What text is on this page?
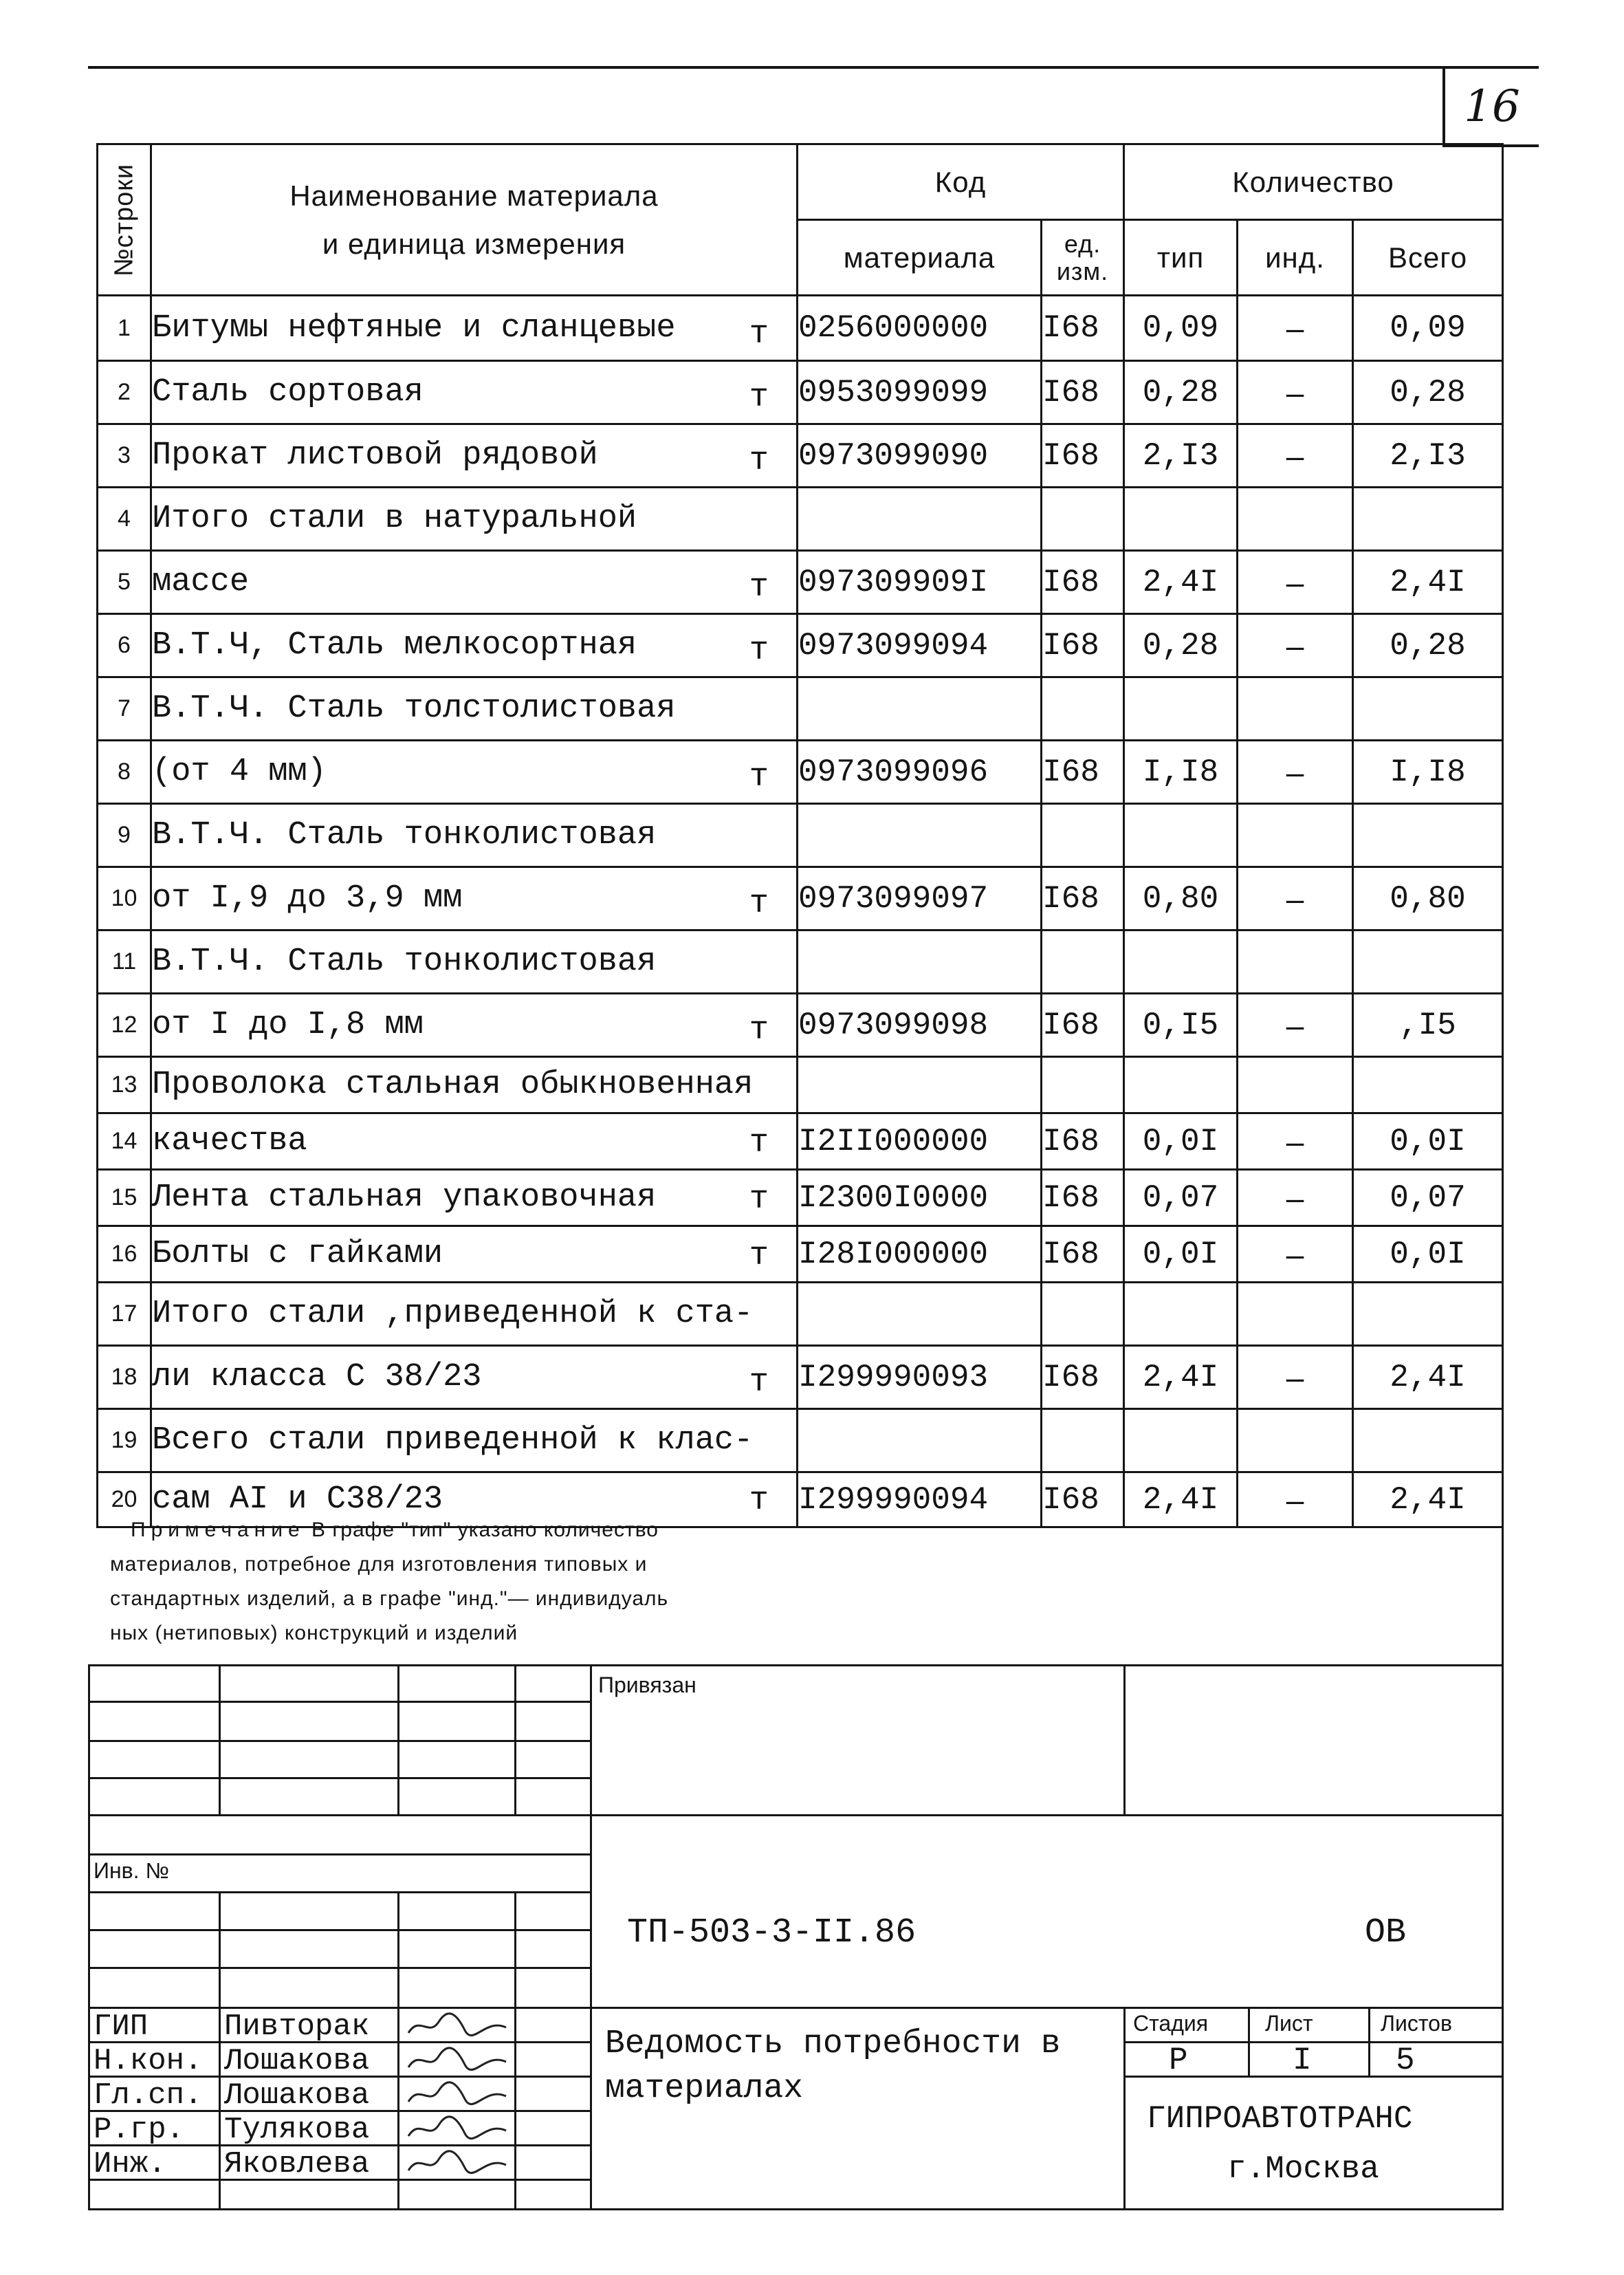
16
№строки	Наименование материала
и единица измерения	Код		Количество		
		материала	ед. изм.	тип	инд.	Всего
1	Битумы нефтяные и сланцевые т	0256000000	I68	0,09	–	0,09
2	Сталь сортовая т	0953099099	I68	0,28	–	0,28
3	Прокат листовой рядовой т	0973099090	I68	2,I3	–	2,I3
4	Итого стали в натуральной

5	массе т	097309909I	I68	2,4I	–	2,4I
6	В.Т.Ч, Сталь мелкосортная т	0973099094	I68	0,28	–	0,28
7	В.Т.Ч. Сталь толстолистовая

8	(от 4 мм) т	0973099096	I68	I,I8	–	I,I8
9	В.Т.Ч. Сталь тонколистовая

10	от I,9 до 3,9 мм т	0973099097	I68	0,80	–	0,80
11	В.Т.Ч. Сталь тонколистовая

12	от I до I,8 мм т	0973099098	I68	0,I5	–	,I5
13	Проволока стальная обыкновенная

14	качества т	I2II000000	I68	0,0I	–	0,0I
15	Лента стальная упаковочная т	I2300I0000	I68	0,07	–	0,07
16	Болты с гайками т	I28I000000	I68	0,0I	–	0,0I
17	Итого стали ,приведенной к ста-

18	ли класса С 38/23 т	I299990093	I68	2,4I	–	2,4I
19	Всего стали приведенной к клас-

20	сам АI и С38/23 т	I299990094	I68	2,4I	–	2,4I
Примечание В графе "тип" указано количество
материалов, потребное для изготовления типовых и
стандартных изделий, а в графе "инд."— индивидуаль
ных (нетиповых) конструкций и изделий
Привязан
Инв. №
ТП-503-3-II.86	ОВ
Ведомость потребности в
материалах
Стадия	Лист	Листов
Р	I	5
ГИПРОАВТОТРАНС
г.Москва
ГИП	Пивторак
Н.кон. Лошакова
Гл.сп. Лошакова
Р.гр. Тулякова
Инж. Яковлева
